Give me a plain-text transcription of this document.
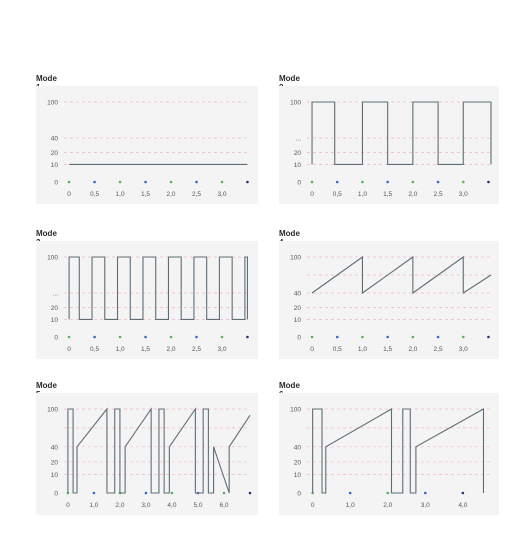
Mode
0
10
20
40
100
0	0,5	1,0	1,5	2,0	2,5	3,0
Mode
0
10
20
...
100
0	0,5 1,0 1,5 2,0 2,5 3,0
Mode
0
10
20
...
100
0	0,5	1,0	1,5	2,0	2,5	3,0
Mode
0
10
20
40
100
0	0,5 1,0 1,5 2,0 2,5 3,0
Mode
0
10
20
40
100
0	1,0	2,0	3,0	4,0	5,0	6,0
Mode
0
10
20
40
100
0	1,0	2,0	3,0	4,0
